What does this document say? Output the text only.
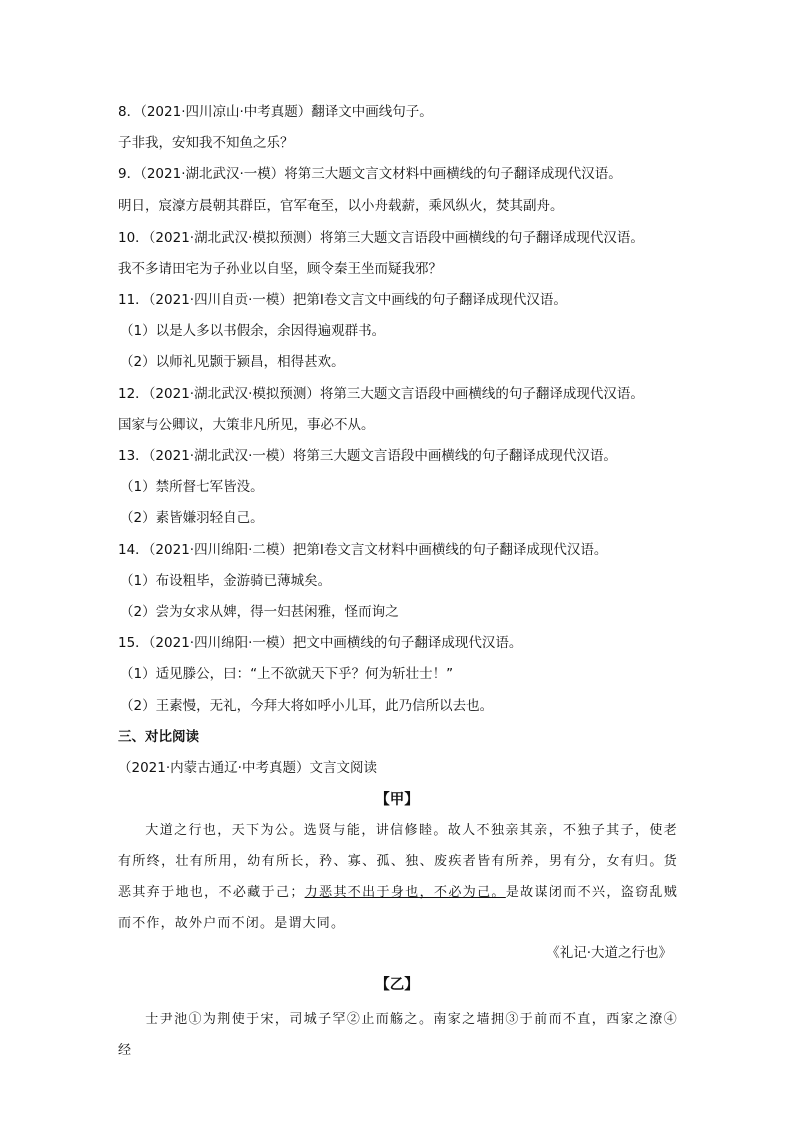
8．（2021·四川凉山·中考真题）翻译文中画线句子。
子非我，安知我不知鱼之乐？
9．（2021·湖北武汉·一模）将第三大题文言文材料中画横线的句子翻译成现代汉语。
明日，宸濠方晨朝其群臣，官军奄至，以小舟载薪，乘风纵火，焚其副舟。
10．（2021·湖北武汉·模拟预测）将第三大题文言语段中画横线的句子翻译成现代汉语。
我不多请田宅为子孙业以自坚，顾令秦王坐而疑我邪？
11．（2021·四川自贡·一模）把第Ⅰ卷文言文中画线的句子翻译成现代汉语。
（1）以是人多以书假余，余因得遍观群书。
（2）以师礼见颢于颍昌，相得甚欢。
12．（2021·湖北武汉·模拟预测）将第三大题文言语段中画横线的句子翻译成现代汉语。
国家与公卿议，大策非凡所见，事必不从。
13．（2021·湖北武汉·一模）将第三大题文言语段中画横线的句子翻译成现代汉语。
（1）禁所督七军皆没。
（2）素皆嫌羽轻自己。
14．（2021·四川绵阳·二模）把第Ⅰ卷文言文材料中画横线的句子翻译成现代汉语。
（1）布设粗毕，金游骑已薄城矣。
（2）尝为女求从婢，得一妇甚闲雅，怪而询之
15．（2021·四川绵阳·一模）把文中画横线的句子翻译成现代汉语。
（1）适见滕公，曰：“上不欲就天下乎？何为斩壮士！”
（2）王素慢，无礼，今拜大将如呼小儿耳，此乃信所以去也。
三、对比阅读
（2021·内蒙古通辽·中考真题）文言文阅读
【甲】
大道之行也，天下为公。选贤与能，讲信修睦。故人不独亲其亲，不独子其子，使老有所终，壮有所用，幼有所长，矜、寡、孤、独、废疾者皆有所养，男有分，女有归。货恶其弃于地也，不必藏于己；力恶其不出于身也，不必为己。是故谋闭而不兴，盗窃乱贼而不作，故外户而不闭。是谓大同。
《礼记·大道之行也》
【乙】
士尹池①为荆使于宋，司城子罕②止而觞之。南家之墙拥③于前而不直，西家之潦④经
